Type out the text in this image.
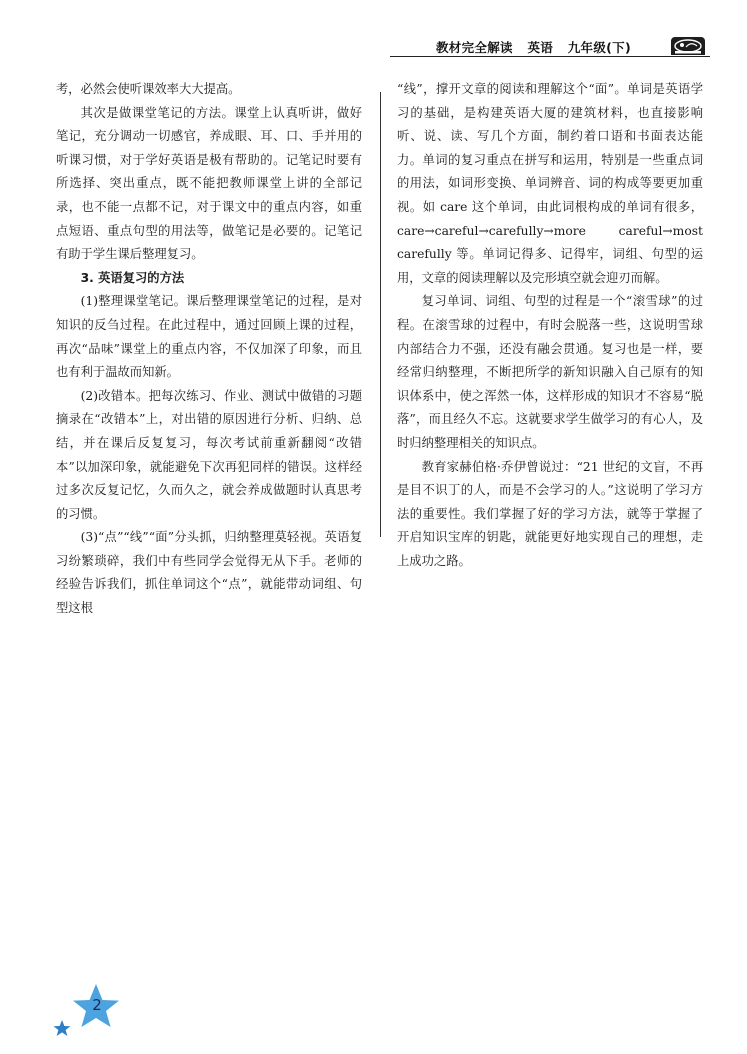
教材完全解读 英语 九年级(下)

考，必然会使听课效率大大提高。

其次是做课堂笔记的方法。课堂上认真听讲，做好笔记，充分调动一切感官，养成眼、耳、口、手并用的听课习惯，对于学好英语是极有帮助的。记笔记时要有所选择、突出重点，既不能把教师课堂上讲的全部记录，也不能一点都不记，对于课文中的重点内容，如重点短语、重点句型的用法等，做笔记是必要的。记笔记有助于学生课后整理复习。

3. 英语复习的方法

(1)整理课堂笔记。课后整理课堂笔记的过程，是对知识的反刍过程。在此过程中，通过回顾上课的过程，再次“品味”课堂上的重点内容，不仅加深了印象，而且也有利于温故而知新。

(2)改错本。把每次练习、作业、测试中做错的习题摘录在“改错本”上，对出错的原因进行分析、归纳、总结，并在课后反复复习，每次考试前重新翻阅“改错本”以加深印象，就能避免下次再犯同样的错误。这样经过多次反复记忆，久而久之，就会养成做题时认真思考的习惯。

(3)“点”“线”“面”分头抓，归纳整理莫轻视。英语复习纷繁琐碎，我们中有些同学会觉得无从下手。老师的经验告诉我们，抓住单词这个“点”，就能带动词组、句型这根

“线”，撑开文章的阅读和理解这个“面”。单词是英语学习的基础，是构建英语大厦的建筑材料，也直接影响听、说、读、写几个方面，制约着口语和书面表达能力。单词的复习重点在拼写和运用，特别是一些重点词的用法，如词形变换、单词辨音、词的构成等要更加重视。如 care 这个单词，由此词根构成的单词有很多，care→careful→carefully→more careful→most carefully 等。单词记得多、记得牢，词组、句型的运用，文章的阅读理解以及完形填空就会迎刃而解。

复习单词、词组、句型的过程是一个“滚雪球”的过程。在滚雪球的过程中，有时会脱落一些，这说明雪球内部结合力不强，还没有融会贯通。复习也是一样，要经常归纳整理，不断把所学的新知识融入自己原有的知识体系中，使之浑然一体，这样形成的知识才不容易“脱落”，而且经久不忘。这就要求学生做学习的有心人，及时归纳整理相关的知识点。

教育家赫伯格·乔伊曾说过：“21 世纪的文盲，不再是目不识丁的人，而是不会学习的人。”这说明了学习方法的重要性。我们掌握了好的学习方法，就等于掌握了开启知识宝库的钥匙，就能更好地实现自己的理想，走上成功之路。

2
